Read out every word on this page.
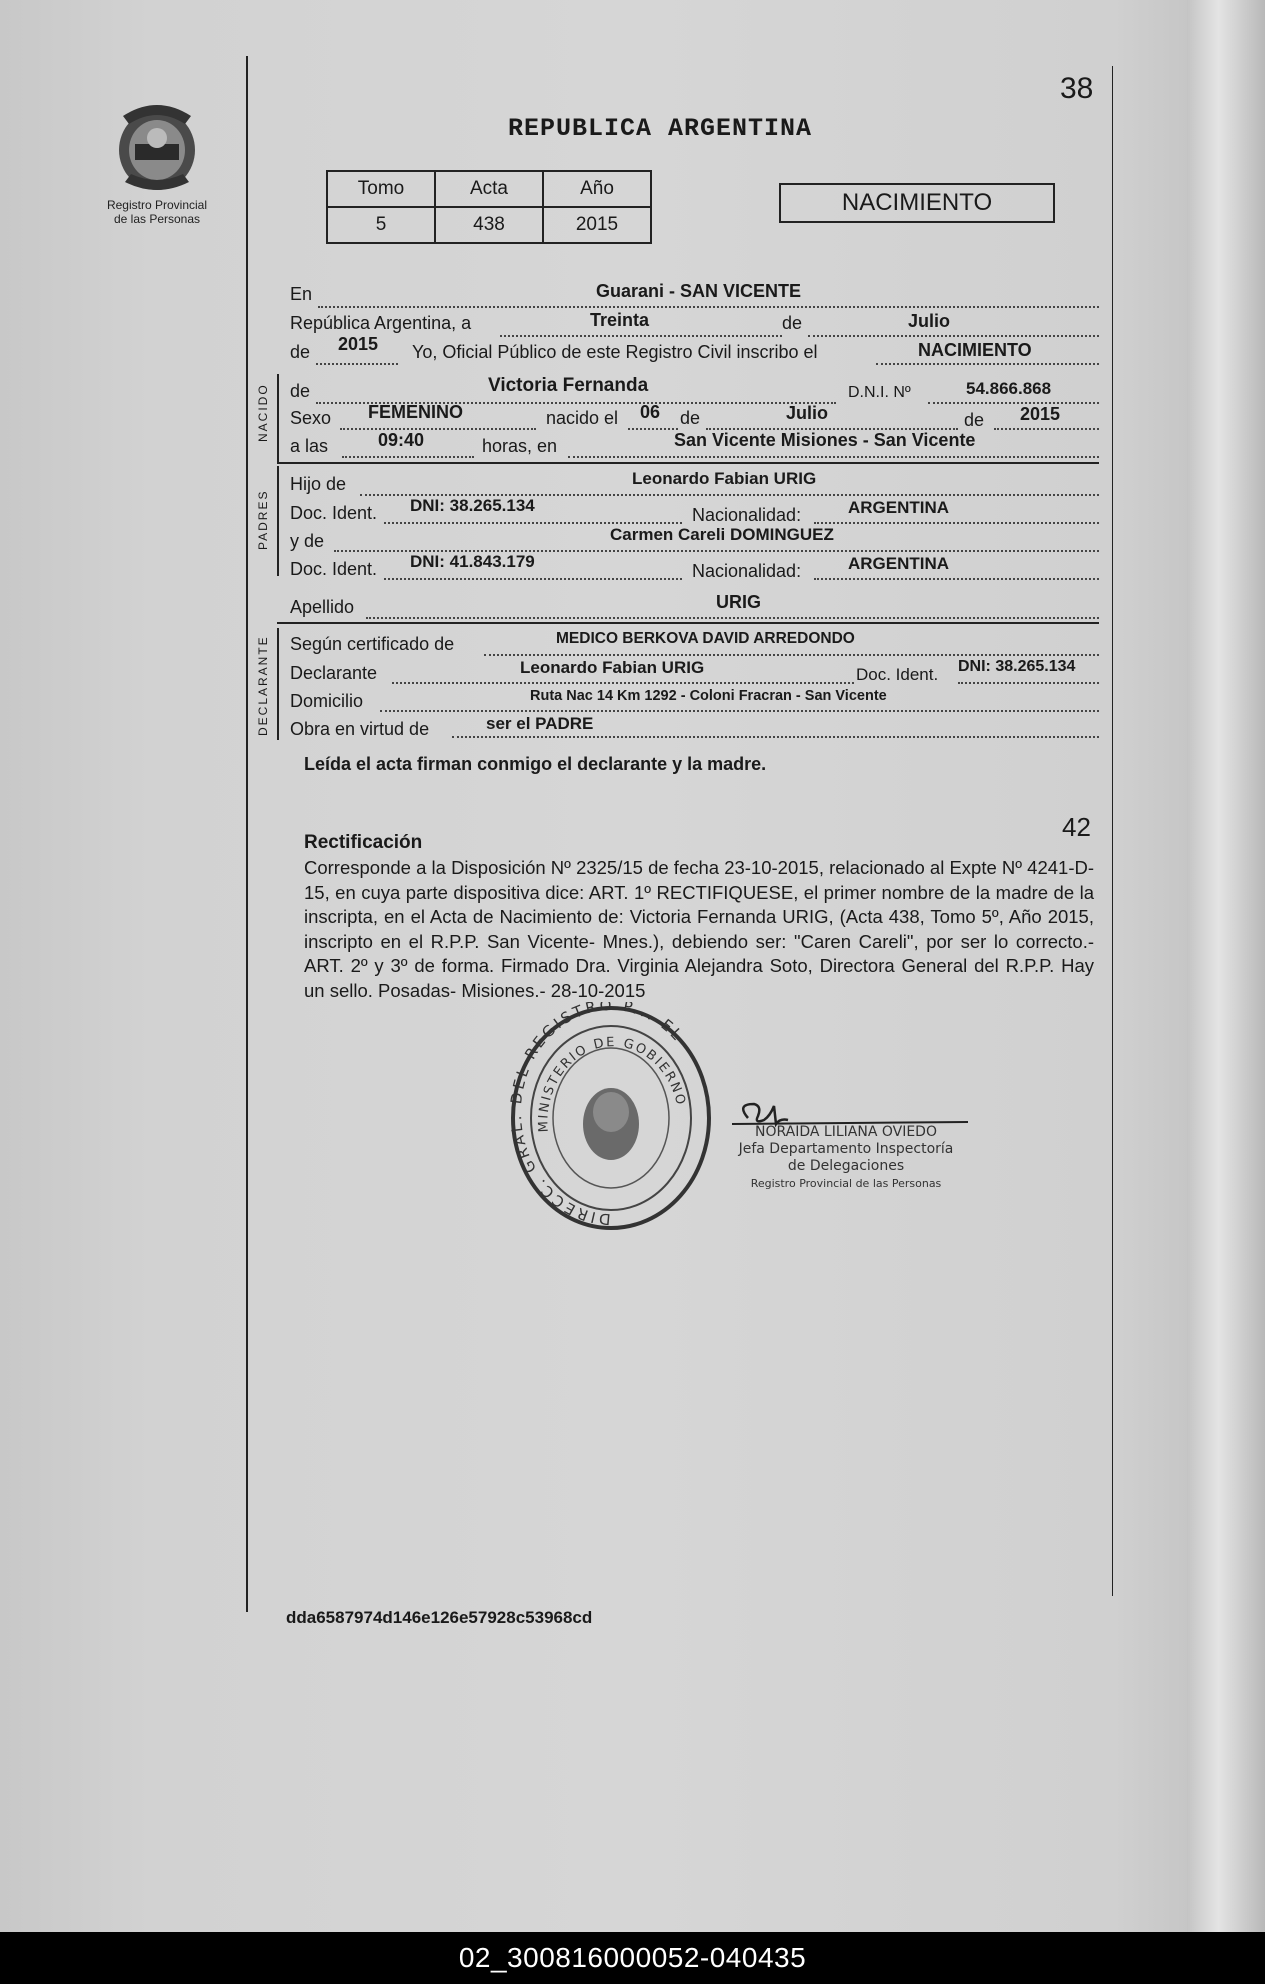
Registro Provincial
de las Personas
38
REPUBLICA ARGENTINA
Tomo	Acta	Año
5	438	2015
NACIMIENTO
En	Guarani - SAN VICENTE
República Argentina, a	Treinta	de	Julio
de 2015 Yo, Oficial Público de este Registro Civil inscribo el	NACIMIENTO
NACIDO de	Victoria Fernanda	D.N.I. Nº	54.866.868
Sexo FEMENINO	nacido el 06 de	Julio	de 2015
a las	09:40	horas, en	San Vicente Misiones - San Vicente
PADRES
Hijo de	Leonardo Fabian URIG
Doc. Ident. DNI: 38.265.134	Nacionalidad:	ARGENTINA
y de	Carmen Careli DOMINGUEZ
Doc. Ident. DNI: 41.843.179	Nacionalidad:	ARGENTINA
Apellido	URIG
DECLARANTE Según certificado de	MEDICO BERKOVA DAVID ARREDONDO
Declarante	Leonardo Fabian URIG	Doc. Ident. DNI: 38.265.134
Domicilio	Ruta Nac 14 Km 1292 - Coloni Fracran - San Vicente
Obra en virtud de	ser el PADRE
Leída el acta firman conmigo el declarante y la madre.
42
Rectificación
Corresponde a la Disposición Nº 2325/15 de fecha 23-10-2015, relacionado al Expte Nº 4241-D-15, en cuya parte dispositiva dice: ART. 1º RECTIFIQUESE, el primer nombre de la madre de la inscripta, en el Acta de Nacimiento de: Victoria Fernanda URIG, (Acta 438, Tomo 5º, Año 2015, inscripto en el R.P.P. San Vicente- Mnes.), debiendo ser: "Caren Careli", por ser lo correcto.- ART. 2º y 3º de forma. Firmado Dra. Virginia Alejandra Soto, Directora General del R.P.P. Hay un sello. Posadas- Misiones.- 28-10-2015
DIRECC. GRAL. DEL REGISTRO P... EL
MINISTERIO DE GOBIERNO
NORAIDA LILIANA OVIEDO
Jefa Departamento Inspectoría
de Delegaciones
Registro Provincial de las Personas
dda6587974d146e126e57928c53968cd
02_300816000052-040435
